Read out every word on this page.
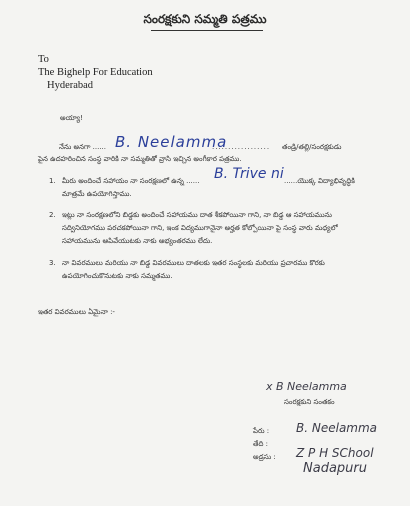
సంరక్షకుని సమ్మతి పత్రము
To
The Bighelp For Education
Hyderabad
అయ్యా!
నేను అనగా ...... B. Neelamma
.................. తండ్రి/తల్లి/సంరక్షకుడు
పైన ఉదహరించిన సంస్థ వారికి నా సమ్మతితో వ్రాసి ఇచ్చిన అంగీకార పత్రము.
1. మీరు అందించే సహాయం నా సంరక్షణలో ఉన్న ...... B. Trive ni ......యొక్క విద్యాభివృద్ధికి
మాత్రమే ఉపయోగిస్తాము.
2. ఇట్లు నా సంరక్షణలోని బిడ్డకు అందించే సహాయము దాత శీకపోయినా గాని, నా బిడ్డ ఆ సహాయమును
సద్వినియోగము పరచకపోయినా గాని, ఇంక విద్యముగానైనా అర్హత కోల్పోయినా పై సంస్థ వారు మధ్యలో
సహాయమును ఆపివేయుటకు నాకు అభ్యంతరము లేదు.
3. నా వివరములు మరియు నా బిడ్డ వివరములు దాతలకు ఇతర సంస్థలకు మరియు ప్రచారము కొరకు
ఉపయోగించుకొనుటకు నాకు సమ్మతము.
ఇతర వివరములు ఏమైనా :-
x B Neelamma
సంరక్షకుని సంతకం
పేరు : B. Neelamma
తేది :
అడ్రసు : Z P H SChool
Nadapuru
